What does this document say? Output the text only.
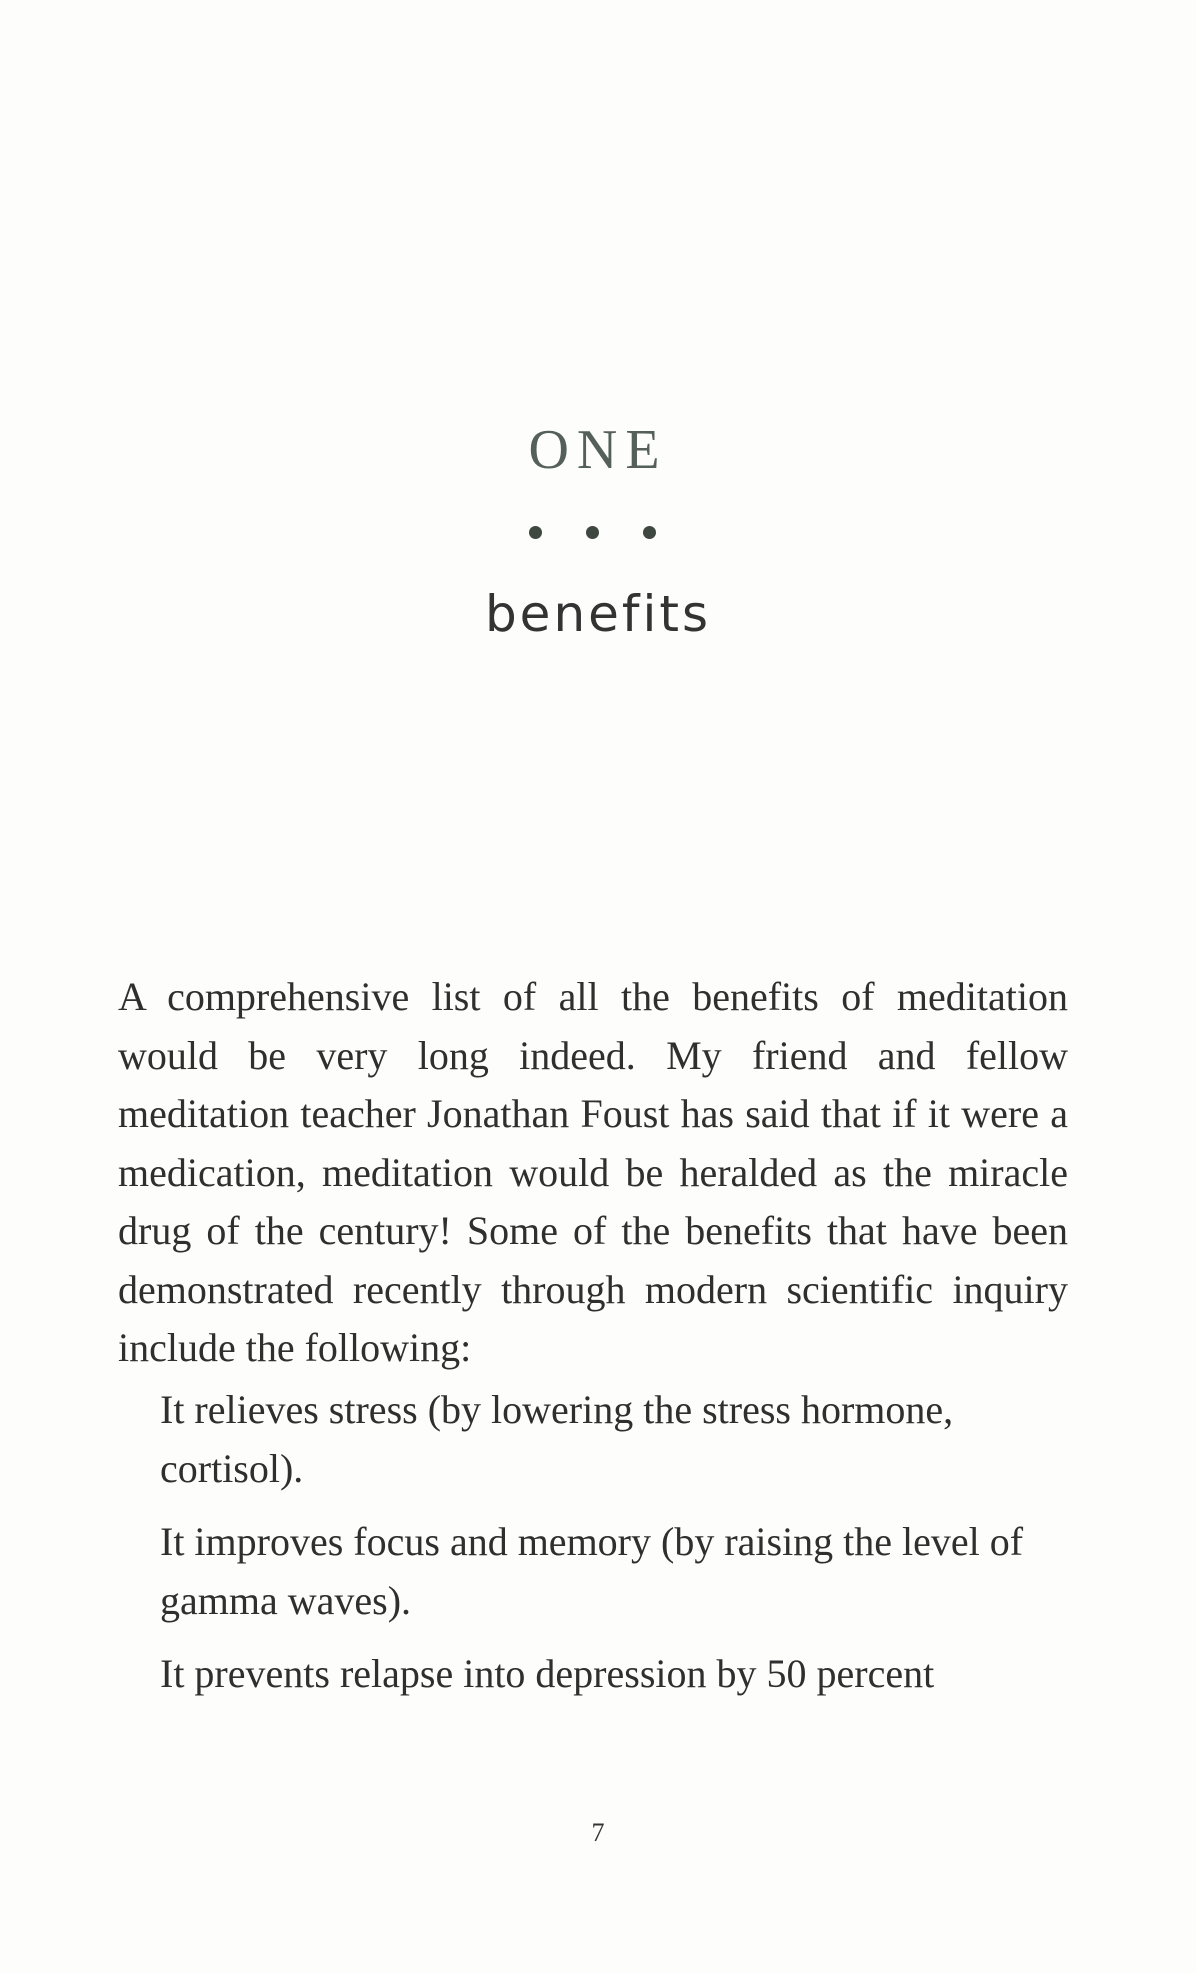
ONE
benefits

A comprehensive list of all the benefits of meditation would be very long indeed. My friend and fellow meditation teacher Jonathan Foust has said that if it were a medication, meditation would be heralded as the miracle drug of the century! Some of the benefits that have been demonstrated recently through modern scientific inquiry include the following:

It relieves stress (by lowering the stress hormone, cortisol).
It improves focus and memory (by raising the level of gamma waves).
It prevents relapse into depression by 50 percent
7
